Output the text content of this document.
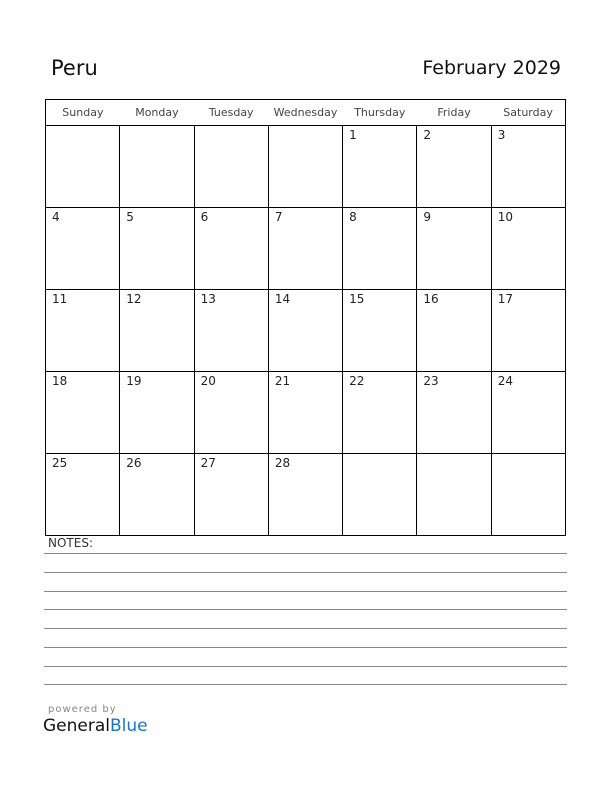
Peru	February 2029
Sunday	Monday	Tuesday	Wednesday	Thursday	Friday	Saturday
				1	2	3
4	5	6	7	8	9	10
11	12	13	14	15	16	17
18	19	20	21	22	23	24
25	26	27	28			
NOTES:
powered by
GeneralBlue
